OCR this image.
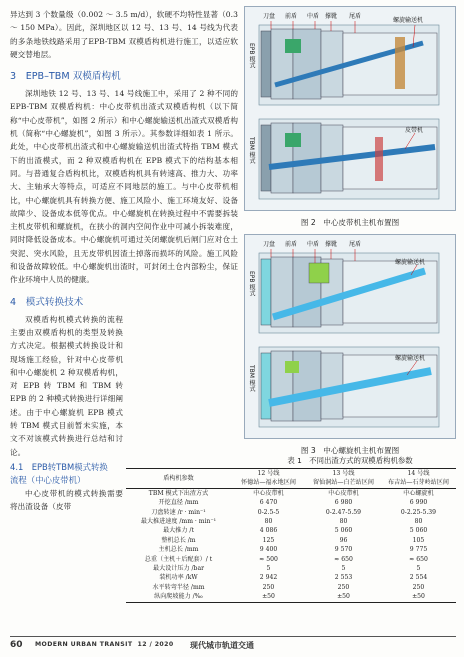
异达到 3 个数量级（0.002 ～ 3.5 m/d），软硬不均特性显著（0.3 ～ 150 MPa）。因此，深圳地区以 12 号、13 号、14 号线为代表的多条地铁线路采用了EPB-TBM 双模盾构机进行施工，以适应软硬交替地层。

3　EPB–TBM 双模盾构机

深圳地铁 12 号、13 号、14 号线施工中，采用了 2 种不同的 EPB-TBM 双模盾构机：中心皮带机出渣式双模盾构机（以下简称“中心皮带机”，如图 2 所示）和中心螺旋输送机出渣式双模盾构机（简称“中心螺旋机”，如图 3 所示）。其参数详细如表 1 所示。此处，中心皮带机出渣式和中心螺旋输送机出渣式特指 TBM 模式下的出渣模式，而 2 种双模盾构机在 EPB 模式下的结构基本相同。与普通复合盾构机比，双模盾构机具有转速高、推力大、功率大、主轴承大等特点，可适应不同地层的施工。与中心皮带机相比，中心螺旋机具有转换方便、施工风险小、施工环境友好、设备故障少、设备成本低等优点。中心螺旋机在转换过程中不需要拆装主机皮带机和螺旋机，在狭小的洞内空间作业中可减小拆装难度，同时降低设备成本。中心螺旋机可通过关闭螺旋机后闸门应对仓土突泥、突水风险，且无皮带机因渣土掉落而损坏的风险。施工风险和设备故障较低。中心螺旋机出渣时，可封闭土仓内部粉尘，保证作业环境中人员的健康。

4　模式转换技术

双模盾构机模式转换的流程主要由双模盾构机的类型及转换方式决定。根据模式转换设计和现场施工经验，针对中心皮带机和中心螺旋机 2 种双模盾构机，对 EPB 转 TBM 和 TBM 转 EPB 的 2 种模式转换进行详细阐述。由于中心螺旋机 EPB 模式转 TBM 模式目前暂未实施，本文不对该模式转换进行总结和讨论。

4.1　EPB转TBM模式转换
流程（中心皮带机）

中心皮带机的模式转换需要将出渣设备（皮带

刀盘 前盾 中盾 撑靴 尾盾
螺旋输送机
皮带机
EPB 模式
TBM 模式
图 2　中心皮带机主机布置图
刀盘 前盾 中盾 撑靴 尾盾
螺旋输送机
螺旋输送机
EPB 模式
TBM 模式
图 3　中心螺旋机主机布置图
表 1　不同出渣方式的双模盾构机参数
盾构机参数	12 号线	13 号线	14 号线
	怀德站—福永地区间	留仙洞站—白芒站区间	布吉站—石芽岭站区间
TBM 模式下出渣方式	中心皮带机	中心皮带机	中心螺旋机
开挖直径 /mm	6 470	6 980	6 990
刀盘转速 /r · min⁻¹	0-2.5-5	0-2.47-5.59	0-2.25-5.39
最大推进速度 /mm · min⁻¹	80	80	80
最大推力 /t	4 086	5 060	5 060
整机总长 /m	125	96	105
主机总长 /mm	9 400	9 570	9 775
总重（主机＋后配套）/ t	≈ 500	≈ 650	≈ 650
最大设计压力 /bar	5	5	5
装机功率 /kW	2 942	2 553	2 554
水平转弯半径 /mm	250	250	250
纵向爬坡能力 /‰	±50	±50	±50
60 MODERN URBAN TRANSIT 12 / 2020 现代城市轨道交通
